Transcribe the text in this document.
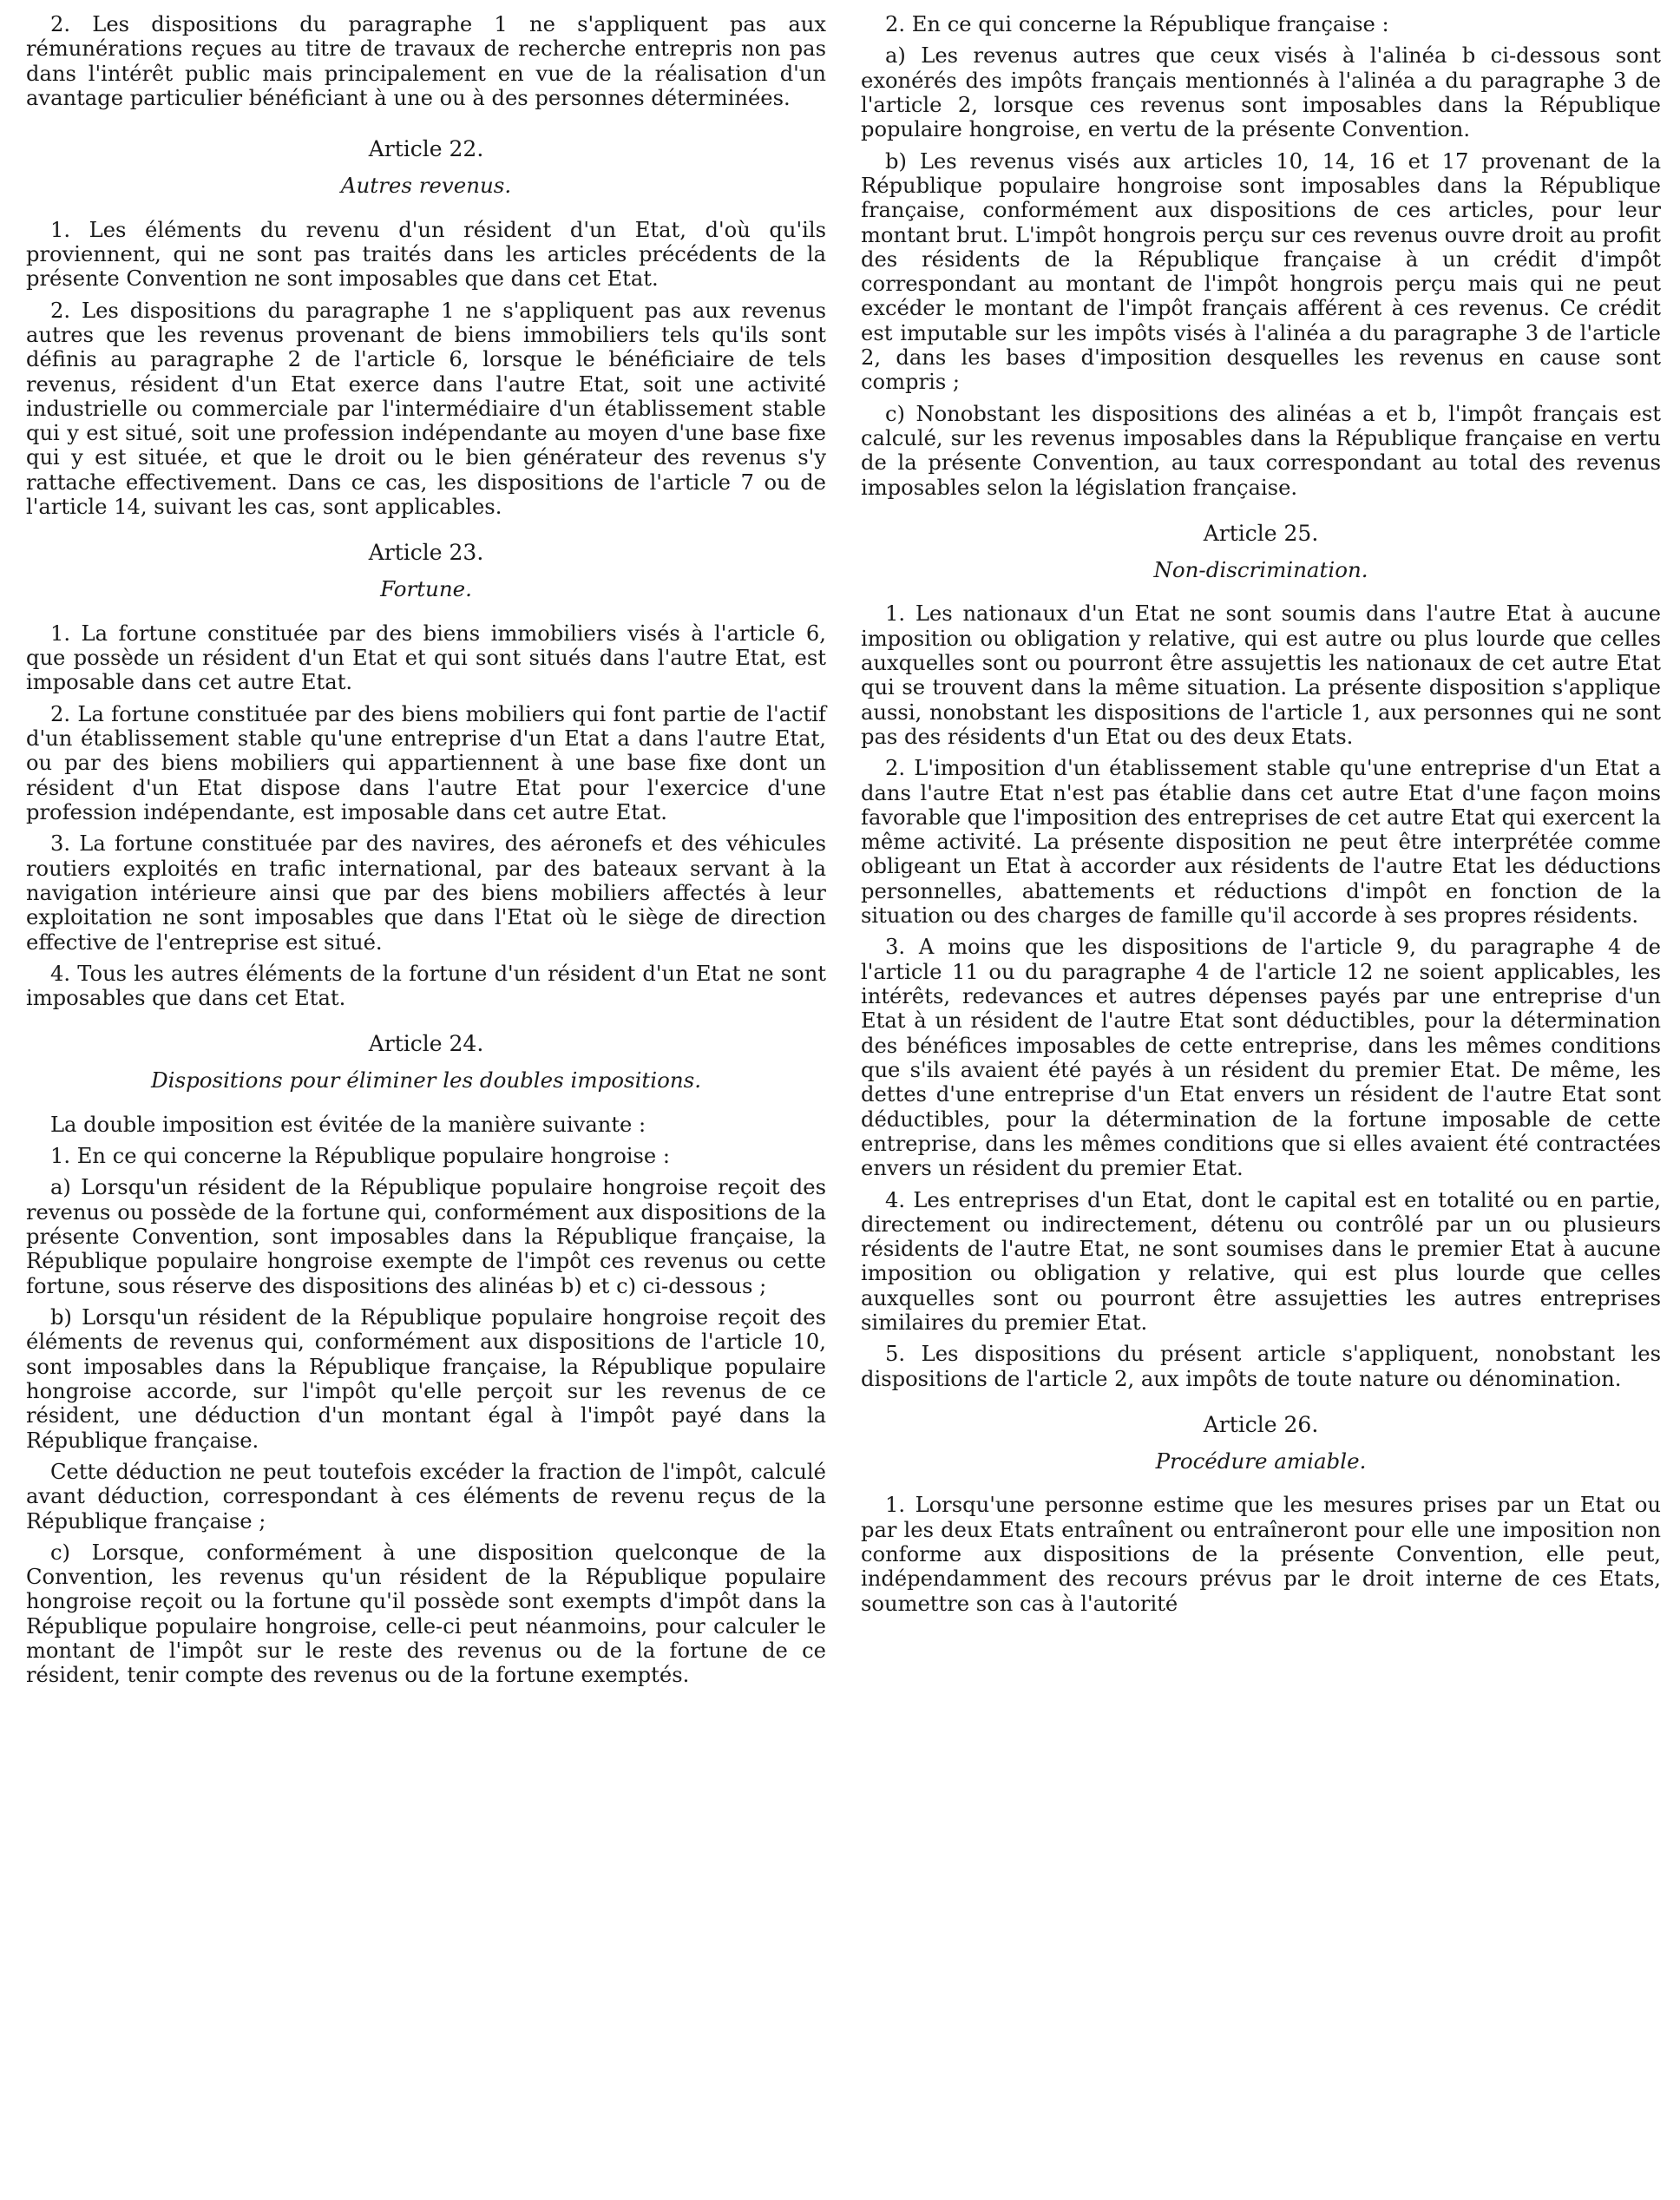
2. Les dispositions du paragraphe 1 ne s'appliquent pas aux rémunérations reçues au titre de travaux de recherche entrepris non pas dans l'intérêt public mais principalement en vue de la réalisation d'un avantage particulier bénéficiant à une ou à des personnes déterminées.

Article 22.
Autres revenus.

1. Les éléments du revenu d'un résident d'un Etat, d'où qu'ils proviennent, qui ne sont pas traités dans les articles précédents de la présente Convention ne sont imposables que dans cet Etat.

2. Les dispositions du paragraphe 1 ne s'appliquent pas aux revenus autres que les revenus provenant de biens immobiliers tels qu'ils sont définis au paragraphe 2 de l'article 6, lorsque le bénéficiaire de tels revenus, résident d'un Etat exerce dans l'autre Etat, soit une activité industrielle ou commerciale par l'intermédiaire d'un établissement stable qui y est situé, soit une profession indépendante au moyen d'une base fixe qui y est située, et que le droit ou le bien générateur des revenus s'y rattache effectivement. Dans ce cas, les dispositions de l'article 7 ou de l'article 14, suivant les cas, sont applicables.

Article 23.
Fortune.

1. La fortune constituée par des biens immobiliers visés à l'article 6, que possède un résident d'un Etat et qui sont situés dans l'autre Etat, est imposable dans cet autre Etat.

2. La fortune constituée par des biens mobiliers qui font partie de l'actif d'un établissement stable qu'une entreprise d'un Etat a dans l'autre Etat, ou par des biens mobiliers qui appartiennent à une base fixe dont un résident d'un Etat dispose dans l'autre Etat pour l'exercice d'une profession indépendante, est imposable dans cet autre Etat.

3. La fortune constituée par des navires, des aéronefs et des véhicules routiers exploités en trafic international, par des bateaux servant à la navigation intérieure ainsi que par des biens mobiliers affectés à leur exploitation ne sont imposables que dans l'Etat où le siège de direction effective de l'entreprise est situé.

4. Tous les autres éléments de la fortune d'un résident d'un Etat ne sont imposables que dans cet Etat.

Article 24.
Dispositions pour éliminer les doubles impositions.

La double imposition est évitée de la manière suivante :

1. En ce qui concerne la République populaire hongroise :

a) Lorsqu'un résident de la République populaire hongroise reçoit des revenus ou possède de la fortune qui, conformément aux dispositions de la présente Convention, sont imposables dans la République française, la République populaire hongroise exempte de l'impôt ces revenus ou cette fortune, sous réserve des dispositions des alinéas b) et c) ci-dessous ;

b) Lorsqu'un résident de la République populaire hongroise reçoit des éléments de revenus qui, conformément aux dispositions de l'article 10, sont imposables dans la République française, la République populaire hongroise accorde, sur l'impôt qu'elle perçoit sur les revenus de ce résident, une déduction d'un montant égal à l'impôt payé dans la République française.

Cette déduction ne peut toutefois excéder la fraction de l'impôt, calculé avant déduction, correspondant à ces éléments de revenu reçus de la République française ;

c) Lorsque, conformément à une disposition quelconque de la Convention, les revenus qu'un résident de la République populaire hongroise reçoit ou la fortune qu'il possède sont exempts d'impôt dans la République populaire hongroise, celle-ci peut néanmoins, pour calculer le montant de l'impôt sur le reste des revenus ou de la fortune de ce résident, tenir compte des revenus ou de la fortune exemptés.

2. En ce qui concerne la République française :

a) Les revenus autres que ceux visés à l'alinéa b ci-dessous sont exonérés des impôts français mentionnés à l'alinéa a du paragraphe 3 de l'article 2, lorsque ces revenus sont imposables dans la République populaire hongroise, en vertu de la présente Convention.

b) Les revenus visés aux articles 10, 14, 16 et 17 provenant de la République populaire hongroise sont imposables dans la République française, conformément aux dispositions de ces articles, pour leur montant brut. L'impôt hongrois perçu sur ces revenus ouvre droit au profit des résidents de la République française à un crédit d'impôt correspondant au montant de l'impôt hongrois perçu mais qui ne peut excéder le montant de l'impôt français afférent à ces revenus. Ce crédit est imputable sur les impôts visés à l'alinéa a du paragraphe 3 de l'article 2, dans les bases d'imposition desquelles les revenus en cause sont compris ;

c) Nonobstant les dispositions des alinéas a et b, l'impôt français est calculé, sur les revenus imposables dans la République française en vertu de la présente Convention, au taux correspondant au total des revenus imposables selon la législation française.

Article 25.
Non-discrimination.

1. Les nationaux d'un Etat ne sont soumis dans l'autre Etat à aucune imposition ou obligation y relative, qui est autre ou plus lourde que celles auxquelles sont ou pourront être assujettis les nationaux de cet autre Etat qui se trouvent dans la même situation. La présente disposition s'applique aussi, nonobstant les dispositions de l'article 1, aux personnes qui ne sont pas des résidents d'un Etat ou des deux Etats.

2. L'imposition d'un établissement stable qu'une entreprise d'un Etat a dans l'autre Etat n'est pas établie dans cet autre Etat d'une façon moins favorable que l'imposition des entreprises de cet autre Etat qui exercent la même activité. La présente disposition ne peut être interprétée comme obligeant un Etat à accorder aux résidents de l'autre Etat les déductions personnelles, abattements et réductions d'impôt en fonction de la situation ou des charges de famille qu'il accorde à ses propres résidents.

3. A moins que les dispositions de l'article 9, du paragraphe 4 de l'article 11 ou du paragraphe 4 de l'article 12 ne soient applicables, les intérêts, redevances et autres dépenses payés par une entreprise d'un Etat à un résident de l'autre Etat sont déductibles, pour la détermination des bénéfices imposables de cette entreprise, dans les mêmes conditions que s'ils avaient été payés à un résident du premier Etat. De même, les dettes d'une entreprise d'un Etat envers un résident de l'autre Etat sont déductibles, pour la détermination de la fortune imposable de cette entreprise, dans les mêmes conditions que si elles avaient été contractées envers un résident du premier Etat.

4. Les entreprises d'un Etat, dont le capital est en totalité ou en partie, directement ou indirectement, détenu ou contrôlé par un ou plusieurs résidents de l'autre Etat, ne sont soumises dans le premier Etat à aucune imposition ou obligation y relative, qui est plus lourde que celles auxquelles sont ou pourront être assujetties les autres entreprises similaires du premier Etat.

5. Les dispositions du présent article s'appliquent, nonobstant les dispositions de l'article 2, aux impôts de toute nature ou dénomination.

Article 26.
Procédure amiable.

1. Lorsqu'une personne estime que les mesures prises par un Etat ou par les deux Etats entraînent ou entraîneront pour elle une imposition non conforme aux dispositions de la présente Convention, elle peut, indépendamment des recours prévus par le droit interne de ces Etats, soumettre son cas à l'autorité
